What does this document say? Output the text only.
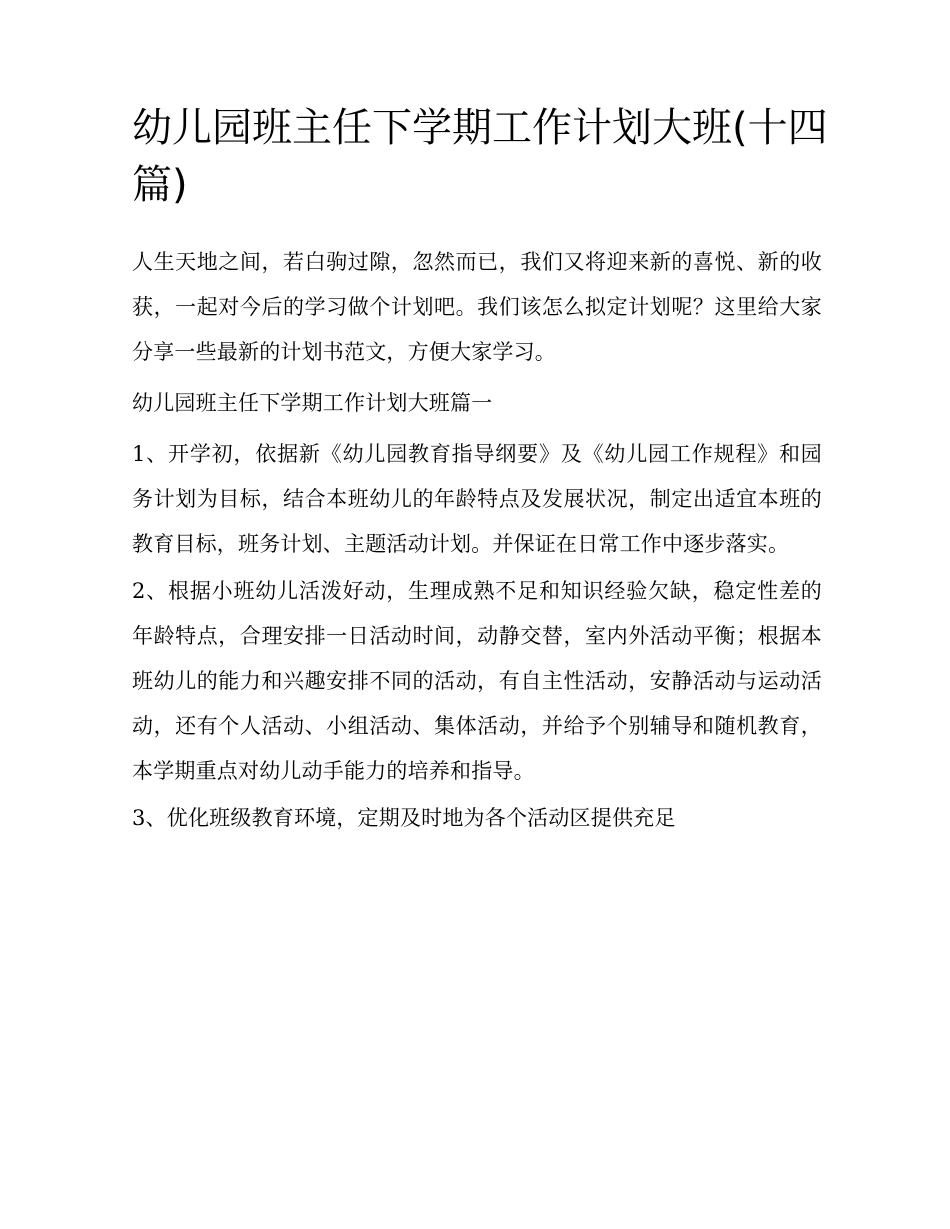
幼儿园班主任下学期工作计划大班(十四篇)

人生天地之间，若白驹过隙，忽然而已，我们又将迎来新的喜悦、新的收获，一起对今后的学习做个计划吧。我们该怎么拟定计划呢？这里给大家分享一些最新的计划书范文，方便大家学习。

幼儿园班主任下学期工作计划大班篇一

1、开学初，依据新《幼儿园教育指导纲要》及《幼儿园工作规程》和园务计划为目标，结合本班幼儿的年龄特点及发展状况，制定出适宜本班的教育目标，班务计划、主题活动计划。并保证在日常工作中逐步落实。

2、根据小班幼儿活泼好动，生理成熟不足和知识经验欠缺，稳定性差的年龄特点，合理安排一日活动时间，动静交替，室内外活动平衡；根据本班幼儿的能力和兴趣安排不同的活动，有自主性活动，安静活动与运动活动，还有个人活动、小组活动、集体活动，并给予个别辅导和随机教育，本学期重点对幼儿动手能力的培养和指导。

3、优化班级教育环境，定期及时地为各个活动区提供充足
